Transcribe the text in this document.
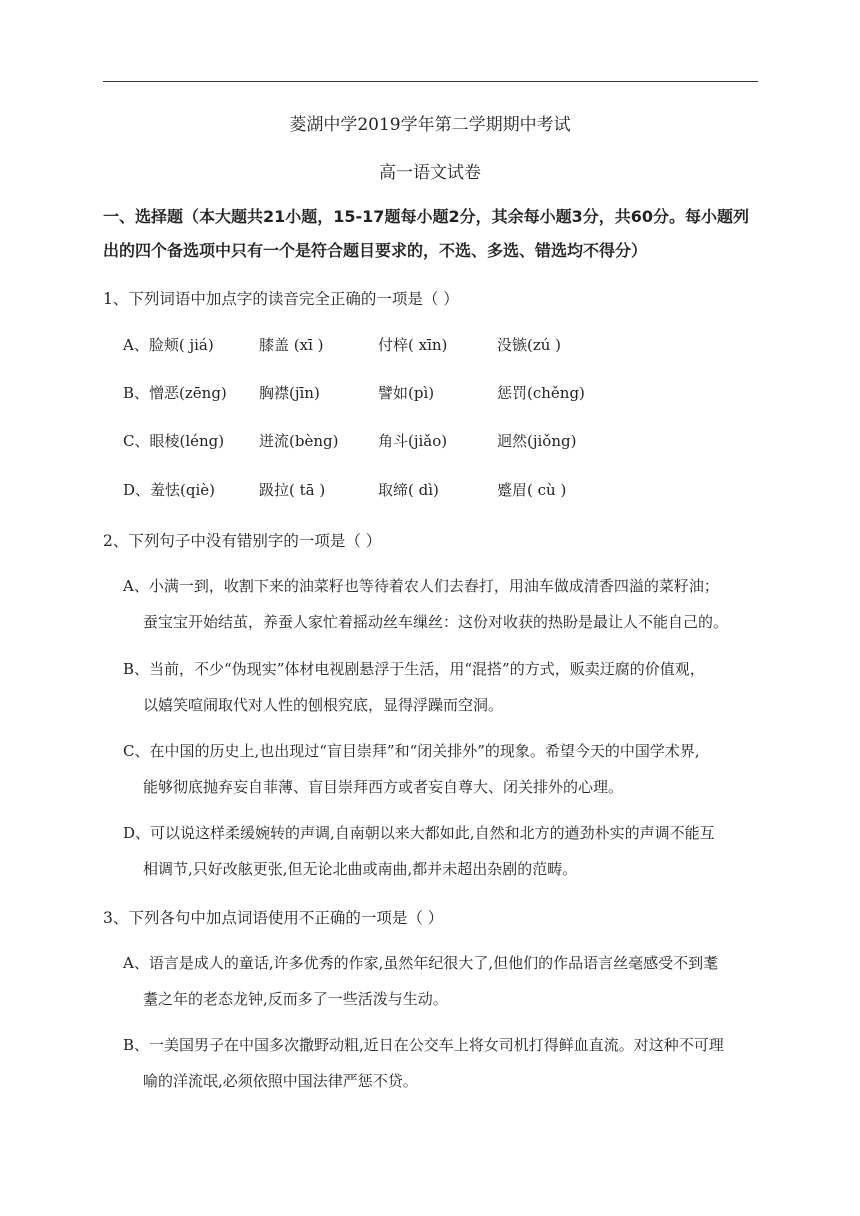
菱湖中学2019学年第二学期期中考试
高一语文试卷
一、选择题（本大题共21小题，15-17题每小题2分，其余每小题3分，共60分。每小题列
出的四个备选项中只有一个是符合题目要求的，不选、多选、错选均不得分）
1、下列词语中加点字的读音完全正确的一项是（ ）
A、脸颊( jiá)	膝盖 (xī )	付梓( xīn)	没镞(zú )
B、憎恶(zēng) 胸襟(jīn)	譬如(pì)	惩罚(chěng)
C、眼棱(léng) 迸流(bèng)	角斗(jiǎo)	迥然(jiǒng)
D、羞怯(qiè)	趿拉( tā )	取缔( dì)	蹙眉( cù )
2、下列句子中没有错别字的一项是（ ）
A、小满一到，收割下来的油菜籽也等待着农人们去舂打，用油车做成清香四溢的菜籽油；
蚕宝宝开始结茧，养蚕人家忙着摇动丝车缫丝：这份对收获的热盼是最让人不能自己的。
B、当前，不少“伪现实”体材电视剧悬浮于生活，用“混搭”的方式，贩卖迂腐的价值观，
以嬉笑喧闹取代对人性的刨根究底，显得浮躁而空洞。
C、在中国的历史上,也出现过“盲目崇拜”和“闭关排外”的现象。希望今天的中国学术界,
能够彻底抛弃妄自菲薄、盲目崇拜西方或者妄自尊大、闭关排外的心理。
D、可以说这样柔缓婉转的声调,自南朝以来大都如此,自然和北方的遒劲朴实的声调不能互
相调节,只好改舷更张,但无论北曲或南曲,都并未超出杂剧的范畴。
3、下列各句中加点词语使用不正确的一项是（ ）
A、语言是成人的童话,许多优秀的作家,虽然年纪很大了,但他们的作品语言丝毫感受不到耄
耋之年的老态龙钟,反而多了一些活泼与生动。
B、一美国男子在中国多次撒野动粗,近日在公交车上将女司机打得鲜血直流。对这种不可理
喻的洋流氓,必须依照中国法律严惩不贷。
